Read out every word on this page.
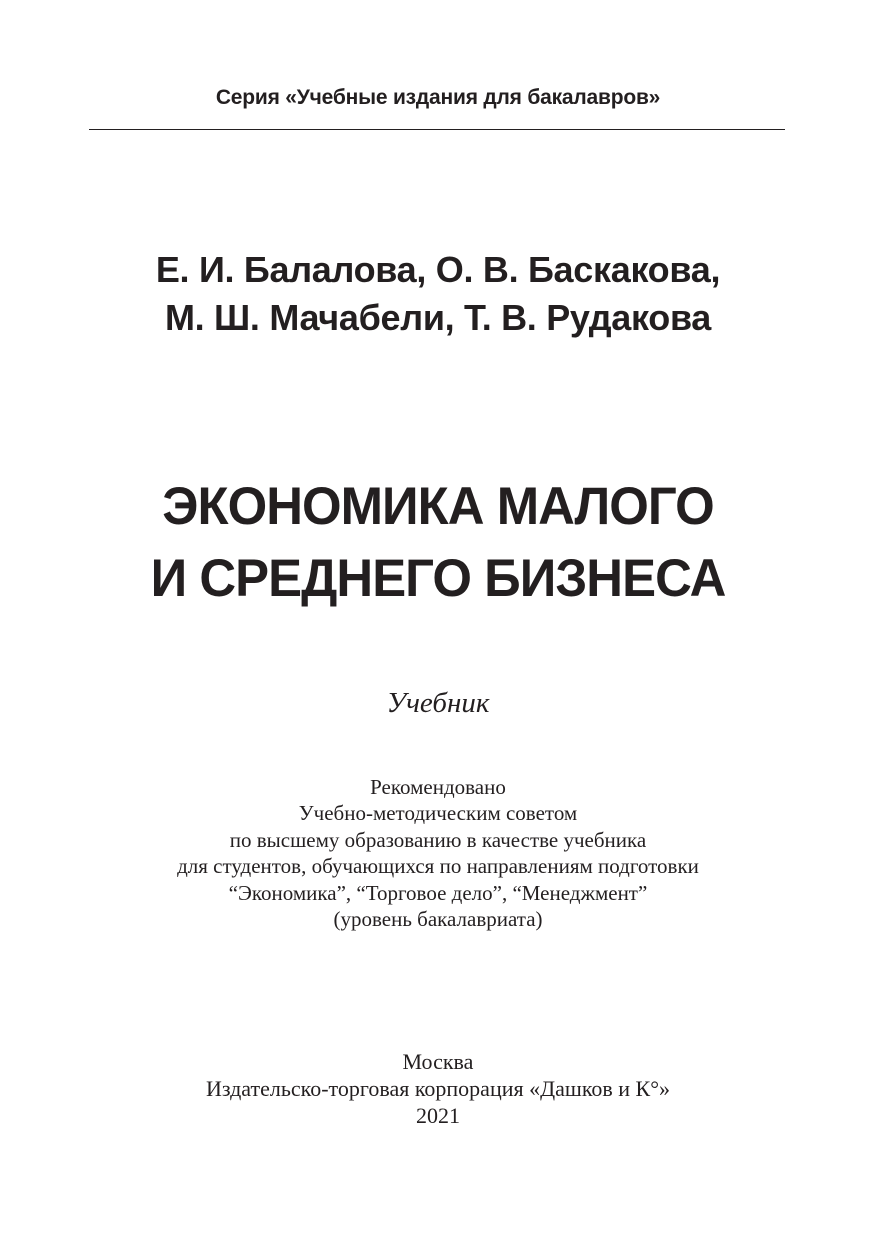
Серия «Учебные издания для бакалавров»
Е. И. Балалова, О. В. Баскакова,
М. Ш. Мачабели, Т. В. Рудакова
ЭКОНОМИКА МАЛОГО
И СРЕДНЕГО БИЗНЕСА
Учебник
Рекомендовано
Учебно-методическим советом
по высшему образованию в качестве учебника
для студентов, обучающихся по направлениям подготовки
“Экономика”, “Торговое дело”, “Менеджмент”
(уровень бакалавриата)
Москва
Издательско-торговая корпорация «Дашков и К°»
2021
